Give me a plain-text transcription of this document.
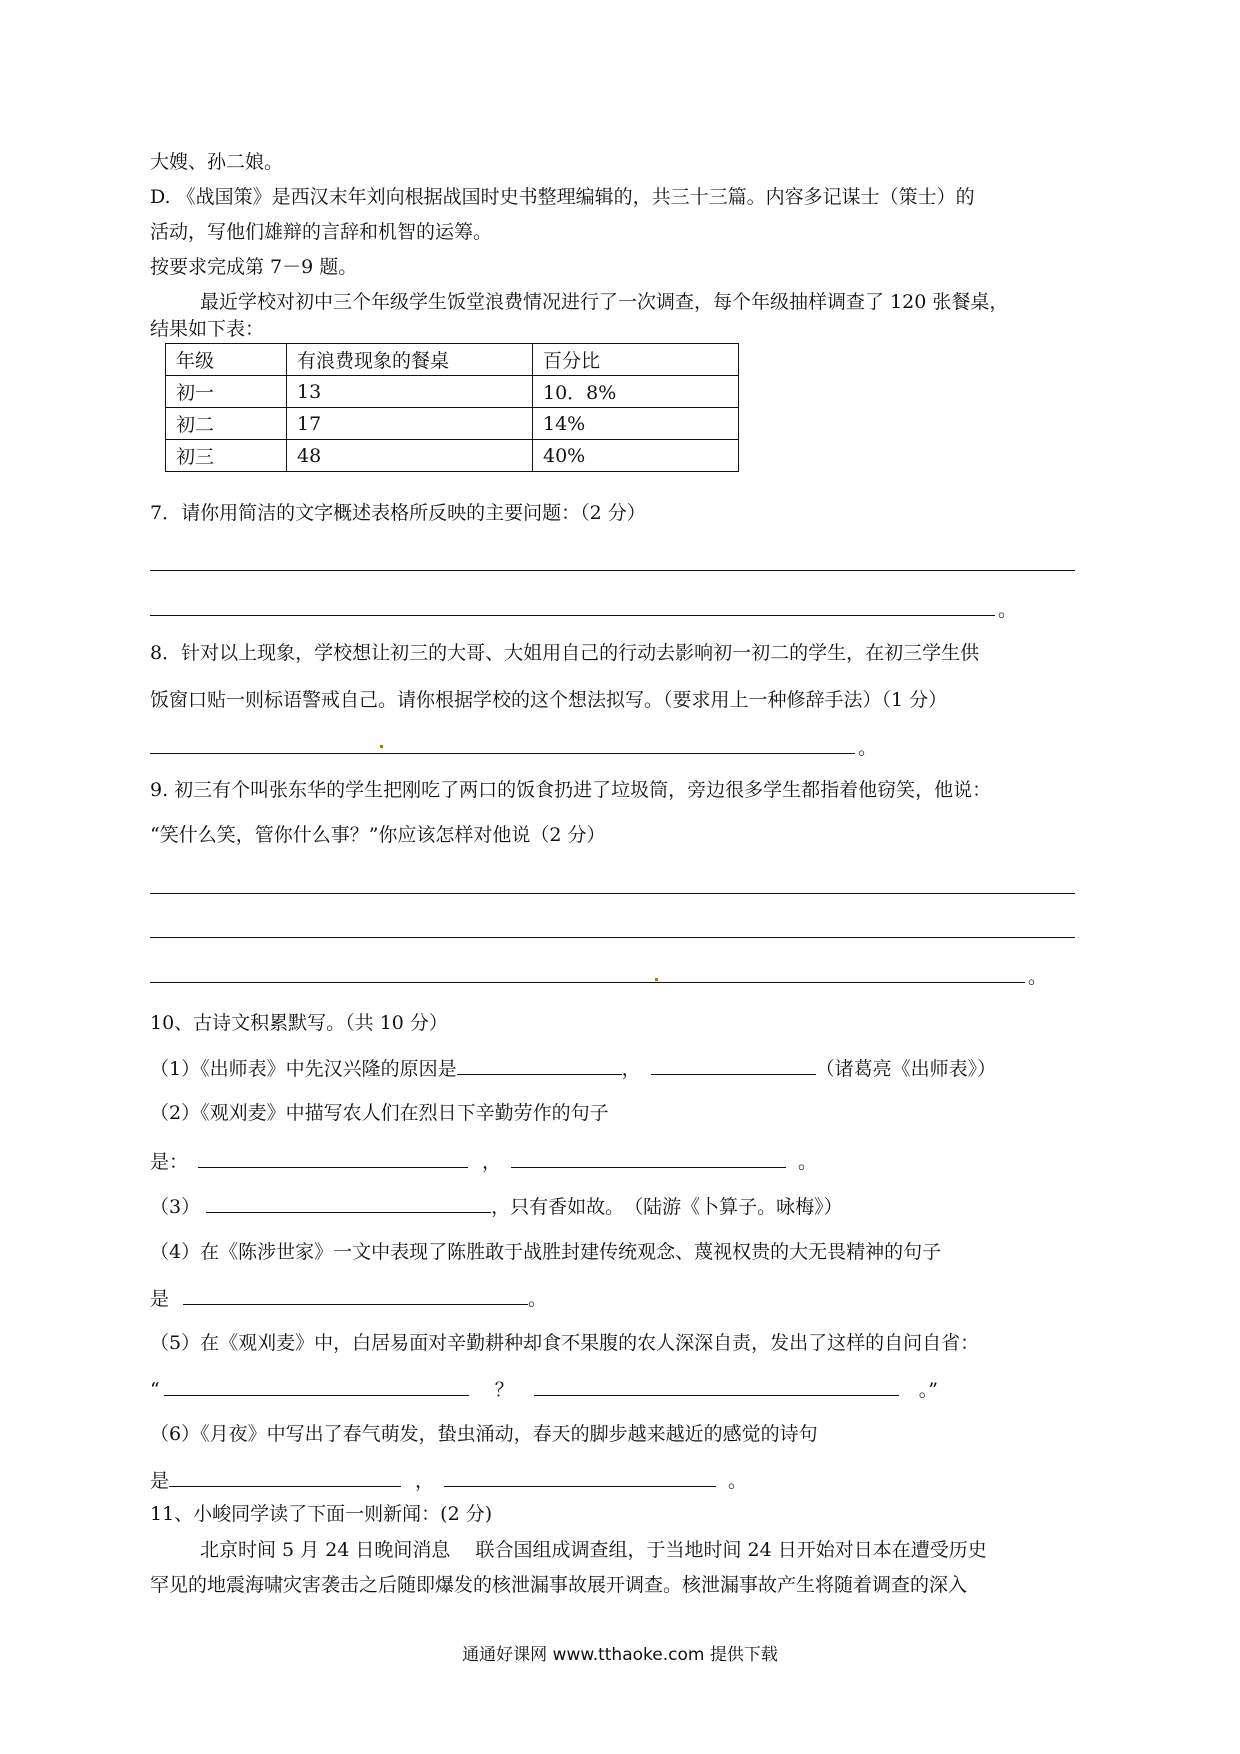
大嫂、孙二娘。
D. 《战国策》是西汉末年刘向根据战国时史书整理编辑的，共三十三篇。内容多记谋士（策士）的
活动，写他们雄辩的言辞和机智的运筹。
按要求完成第 7－9 题。
最近学校对初中三个年级学生饭堂浪费情况进行了一次调查，每个年级抽样调查了 120 张餐桌，
结果如下表：
年级	有浪费现象的餐桌	百分比
初一	13	10．8%
初二	17	14%
初三	48	40%
7．请你用简洁的文字概述表格所反映的主要问题：（2 分）
。
8．针对以上现象，学校想让初三的大哥、大姐用自己的行动去影响初一初二的学生，在初三学生供
饭窗口贴一则标语警戒自己。请你根据学校的这个想法拟写。（要求用上一种修辞手法）（1 分）
。
9. 初三有个叫张东华的学生把刚吃了两口的饭食扔进了垃圾筒，旁边很多学生都指着他窃笑，他说：
“笑什么笑，管你什么事？”你应该怎样对他说（2 分）
。
10、古诗文积累默写。（共 10 分）
（1）《出师表》中先汉兴隆的原因是	，	（诸葛亮《出师表》）
（2）《观刈麦》中描写农人们在烈日下辛勤劳作的句子
是：	，	。
（3）	，只有香如故。　（陆游《卜算子。咏梅》）
（4）在《陈涉世家》一文中表现了陈胜敢于战胜封建传统观念、蔑视权贵的大无畏精神的句子
是	。
（5）在《观刈麦》中，白居易面对辛勤耕种却食不果腹的农人深深自责，发出了这样的自问自省：
“	？	。”
（6）《月夜》中写出了春气萌发，蛰虫涌动，春天的脚步越来越近的感觉的诗句
是	，	。
11、小峻同学读了下面一则新闻：(2 分)
北京时间 5 月 24 日晚间消息　 联合国组成调查组，于当地时间 24 日开始对日本在遭受历史
罕见的地震海啸灾害袭击之后随即爆发的核泄漏事故展开调查。核泄漏事故产生将随着调查的深入
通通好课网 www.tthaoke.com 提供下载
